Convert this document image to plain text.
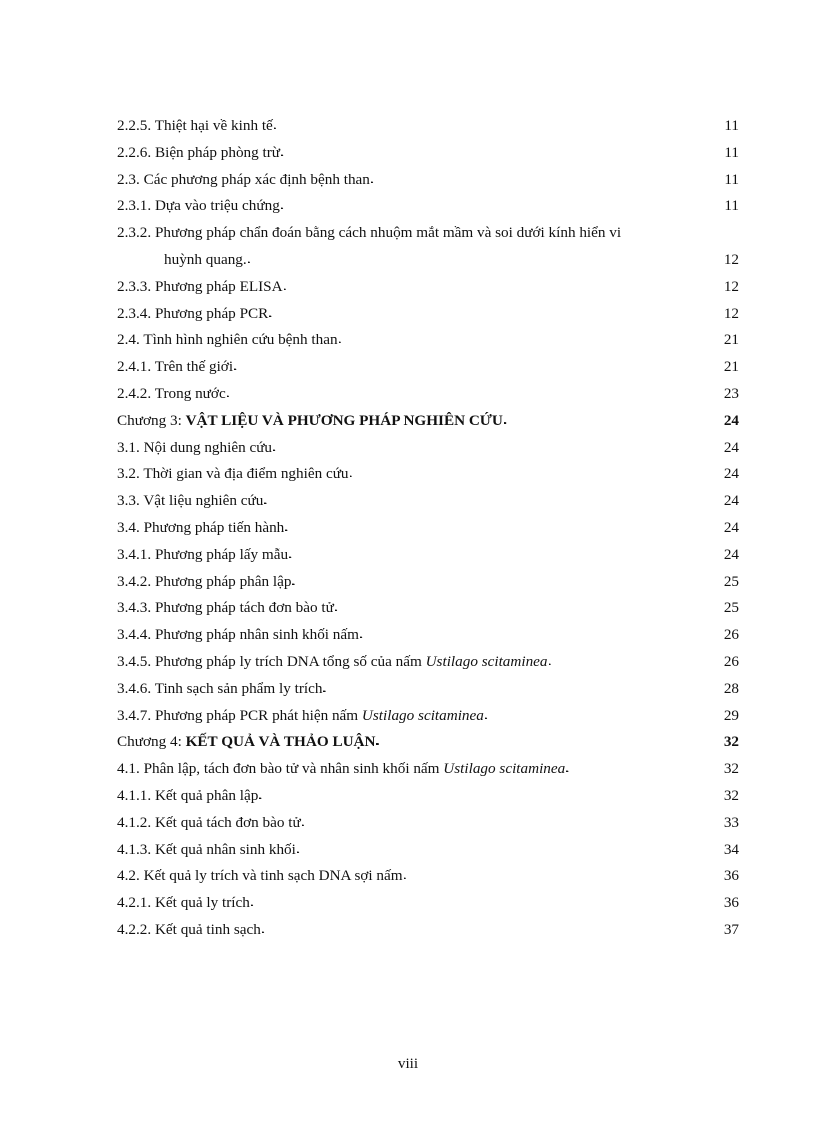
2.2.5. Thiệt hại về kinh tế . . .	11
2.2.6. Biện pháp phòng trừ . . .	11
2.3. Các phương pháp xác định bệnh than . . .	11
2.3.1. Dựa vào triệu chứng . . .	11
2.3.2. Phương pháp chẩn đoán bằng cách nhuộm mắt mầm và soi dưới kính hiển vi
huỳnh quang. . . .	12
2.3.3. Phương pháp ELISA . . .	12
2.3.4. Phương pháp PCR . . .	12
2.4. Tình hình nghiên cứu bệnh than . . .	21
2.4.1. Trên thế giới . . .	21
2.4.2. Trong nước . . .	23
Chương 3: VẬT LIỆU VÀ PHƯƠNG PHÁP NGHIÊN CỨU . . .	24
3.1. Nội dung nghiên cứu . . .	24
3.2. Thời gian và địa điểm nghiên cứu . . .	24
3.3. Vật liệu nghiên cứu . . .	24
3.4. Phương pháp tiến hành . . .	24
3.4.1. Phương pháp lấy mẫu . . .	24
3.4.2. Phương pháp phân lập . . .	25
3.4.3. Phương pháp tách đơn bào tử . . .	25
3.4.4. Phương pháp nhân sinh khối nấm . . .	26
3.4.5. Phương pháp ly trích DNA tổng số của nấm Ustilago scitaminea . . .	26
3.4.6. Tinh sạch sản phẩm ly trích . . .	28
3.4.7. Phương pháp PCR phát hiện nấm Ustilago scitaminea . . .	29
Chương 4: KẾT QUẢ VÀ THẢO LUẬN . . .	32
4.1. Phân lập, tách đơn bào tử và nhân sinh khối nấm Ustilago scitaminea . . .	32
4.1.1. Kết quả phân lập . . .	32
4.1.2. Kết quả tách đơn bào tử . . .	33
4.1.3. Kết quả nhân sinh khối . . .	34
4.2. Kết quả ly trích và tinh sạch DNA sợi nấm . . .	36
4.2.1. Kết quả ly trích . . .	36
4.2.2. Kết quả tinh sạch . . .	37
viii
